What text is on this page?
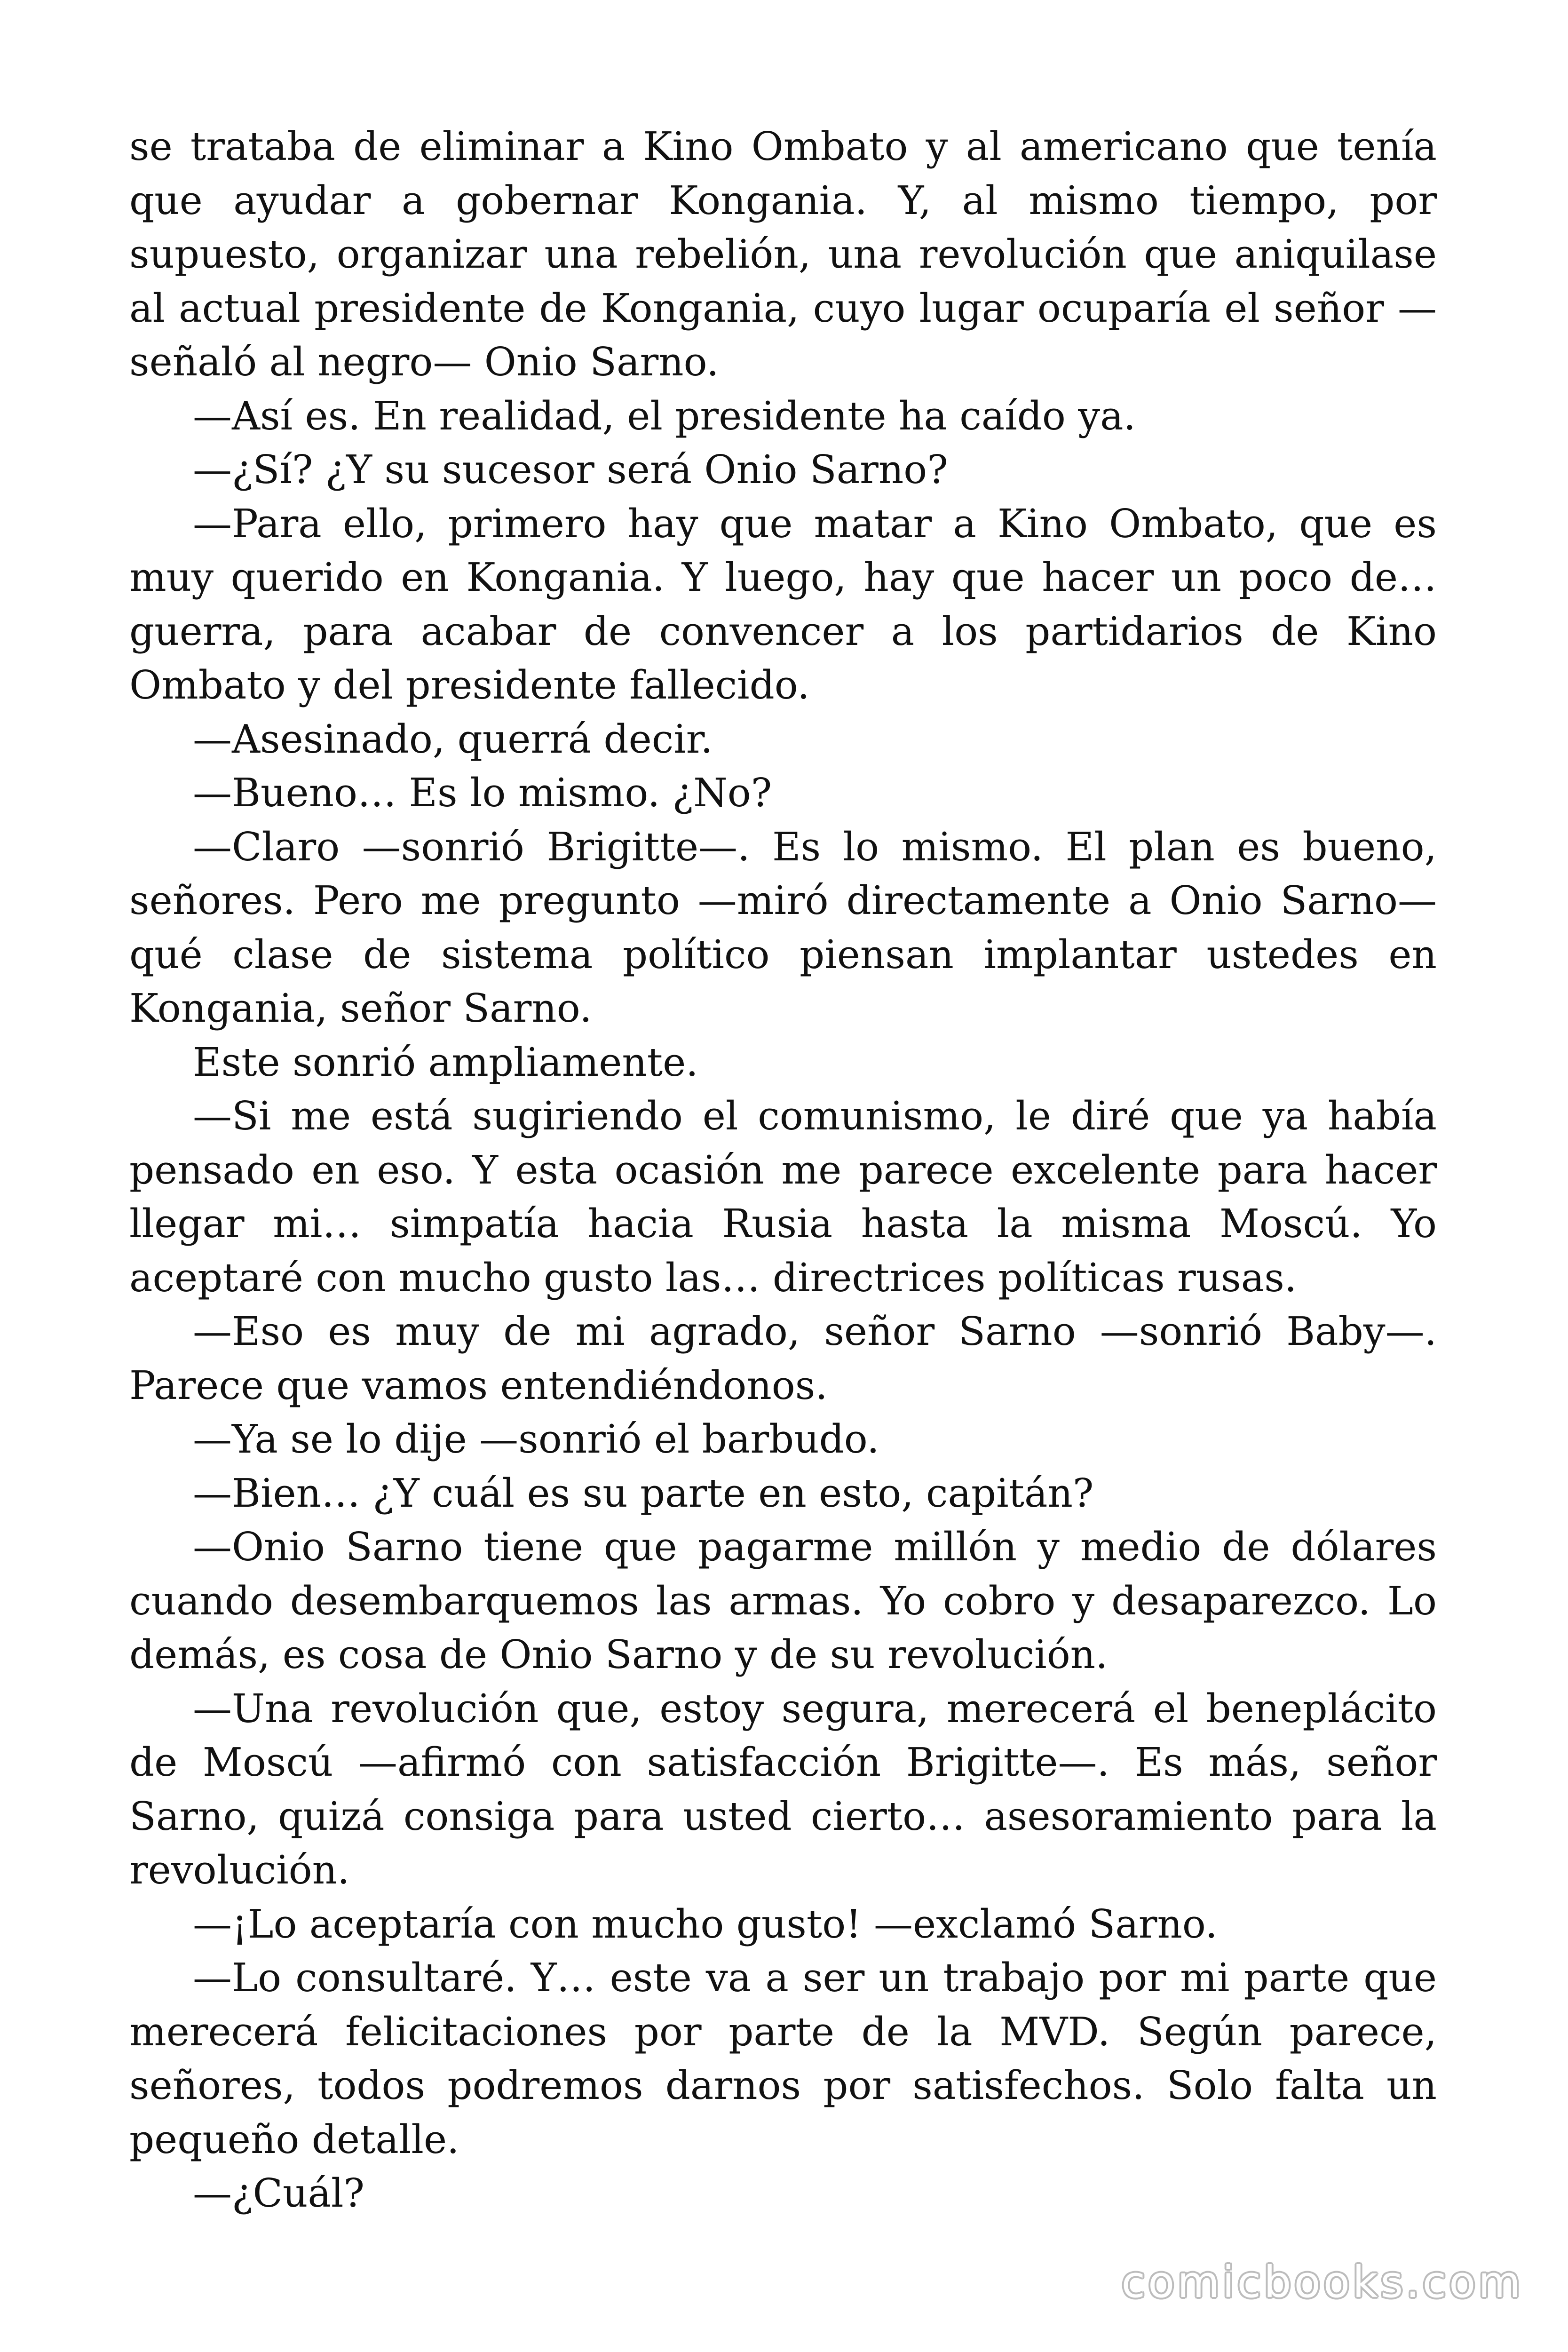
se trataba de eliminar a Kino Ombato y al americano que tenía que ayudar a gobernar Kongania. Y, al mismo tiempo, por supuesto, organizar una rebelión, una revolución que aniquilase al actual presidente de Kongania, cuyo lugar ocuparía el señor —señaló al negro— Onio Sarno.

—Así es. En realidad, el presidente ha caído ya.

—¿Sí? ¿Y su sucesor será Onio Sarno?

—Para ello, primero hay que matar a Kino Ombato, que es muy querido en Kongania. Y luego, hay que hacer un poco de… guerra, para acabar de convencer a los partidarios de Kino Ombato y del presidente fallecido.

—Asesinado, querrá decir.

—Bueno… Es lo mismo. ¿No?

—Claro —sonrió Brigitte—. Es lo mismo. El plan es bueno, señores. Pero me pregunto —miró directamente a Onio Sarno— qué clase de sistema político piensan implantar ustedes en Kongania, señor Sarno.

Este sonrió ampliamente.

—Si me está sugiriendo el comunismo, le diré que ya había pensado en eso. Y esta ocasión me parece excelente para hacer llegar mi… simpatía hacia Rusia hasta la misma Moscú. Yo aceptaré con mucho gusto las… directrices políticas rusas.

—Eso es muy de mi agrado, señor Sarno —sonrió Baby—. Parece que vamos entendiéndonos.

—Ya se lo dije —sonrió el barbudo.

—Bien… ¿Y cuál es su parte en esto, capitán?

—Onio Sarno tiene que pagarme millón y medio de dólares cuando desembarquemos las armas. Yo cobro y desaparezco. Lo demás, es cosa de Onio Sarno y de su revolución.

—Una revolución que, estoy segura, merecerá el beneplácito de Moscú —afirmó con satisfacción Brigitte—. Es más, señor Sarno, quizá consiga para usted cierto… asesoramiento para la revolución.

—¡Lo aceptaría con mucho gusto! —exclamó Sarno.

—Lo consultaré. Y… este va a ser un trabajo por mi parte que merecerá felicitaciones por parte de la MVD. Según parece, señores, todos podremos darnos por satisfechos. Solo falta un pequeño detalle.

—¿Cuál?

comicbooks.com
